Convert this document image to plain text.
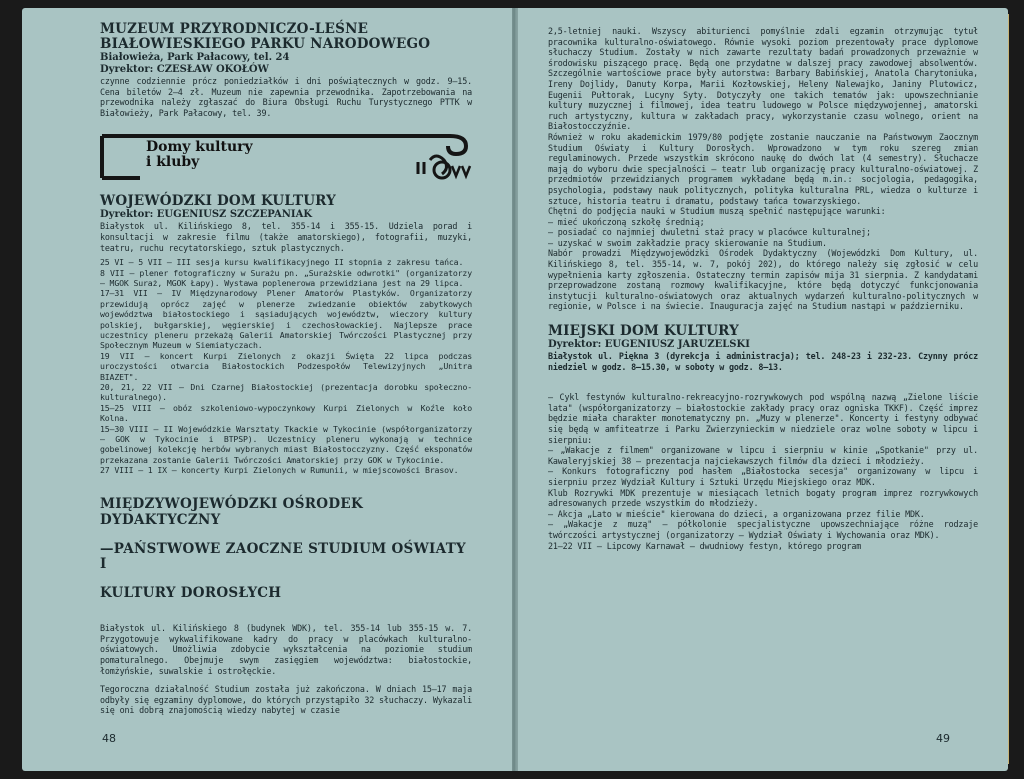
MUZEUM PRZYRODNICZO-LEŚNE

BIAŁOWIESKIEGO PARKU NARODOWEGO

Białowieża, Park Pałacowy, tel. 24

Dyrektor: CZESŁAW OKOŁÓW

czynne codziennie prócz poniedziałków i dni poświątecznych w godz. 9—15. Cena biletów 2—4 zł. Muzeum nie zapewnia przewodnika. Zapotrzebowania na przewodnika należy zgłaszać do Biura Obsługi Ruchu Turystycznego PTTK w Białowieży, Park Pałacowy, tel. 39.

Domy kultury
i kluby

WOJEWÓDZKI DOM KULTURY

Dyrektor: EUGENIUSZ SZCZEPANIAK

Białystok ul. Kilińskiego 8, tel. 355-14 i 355-15. Udziela porad i konsultacji w zakresie filmu (także amatorskiego), fotografii, muzyki, teatru, ruchu recytatorskiego, sztuk plastycznych.

25 VI — 5 VII — III sesja kursu kwalifikacyjnego II stopnia z zakresu tańca.

8 VII — plener fotograficzny w Surażu pn. „Surażskie odwrotki" (organizatorzy — MGOK Suraż, MGOK Łapy). Wystawa poplenerowa przewidziana jest na 29 lipca.

17—31 VII — IV Międzynarodowy Plener Amatorów Plastyków. Organizatorzy przewidują oprócz zajęć w plenerze zwiedzanie obiektów zabytkowych województwa białostockiego i sąsiadujących województw, wieczory kultury polskiej, bułgarskiej, węgierskiej i czechosłowackiej. Najlepsze prace uczestnicy pleneru przekażą Galerii Amatorskiej Twórczości Plastycznej przy Społecznym Muzeum w Siemiatyczach.

19 VII — koncert Kurpi Zielonych z okazji Święta 22 lipca podczas uroczystości otwarcia Białostockich Podzespołów Telewizyjnych „Unitra BIAZET".

20, 21, 22 VII — Dni Czarnej Białostockiej (prezentacja dorobku społeczno-kulturalnego).

15—25 VIII — obóz szkoleniowo-wypoczynkowy Kurpi Zielonych w Koźle koło Kolna.

15—30 VIII — II Wojewódzkie Warsztaty Tkackie w Tykocinie (współorganizatorzy — GOK w Tykocinie i BTPSP). Uczestnicy pleneru wykonają w technice gobelinowej kolekcję herbów wybranych miast Białostocczyzny. Część eksponatów przekazana zostanie Galerii Twórczości Amatorskiej przy GOK w Tykocinie.

27 VIII — 1 IX — koncerty Kurpi Zielonych w Rumunii, w miejscowości Brasov.

MIĘDZYWOJEWÓDZKI OŚRODEK DYDAKTYCZNY

—PAŃSTWOWE ZAOCZNE STUDIUM OŚWIATY I

KULTURY DOROSŁYCH

Białystok ul. Kilińskiego 8 (budynek WDK), tel. 355-14 lub 355-15 w. 7. Przygotowuje wykwalifikowane kadry do pracy w placówkach kulturalno-oświatowych. Umożliwia zdobycie wykształcenia na poziomie studium pomaturalnego. Obejmuje swym zasięgiem województwa: białostockie, łomżyńskie, suwalskie i ostrołęckie.

Tegoroczna działalność Studium została już zakończona. W dniach 15—17 maja odbyły się egzaminy dyplomowe, do których przystąpiło 32 słuchaczy. Wykazali się oni dobrą znajomością wiedzy nabytej w czasie

48

2,5-letniej nauki. Wszyscy abiturienci pomyślnie zdali egzamin otrzymując tytuł pracownika kulturalno-oświatowego. Równie wysoki poziom prezentowały prace dyplomowe słuchaczy Studium. Zostały w nich zawarte rezultaty badań prowadzonych przeważnie w środowisku piszącego pracę. Będą one przydatne w dalszej pracy zawodowej absolwentów. Szczególnie wartościowe prace były autorstwa: Barbary Babińskiej, Anatola Charytoniuka, Ireny Dojlidy, Danuty Korpa, Marii Kozłowskiej, Heleny Nalewajko, Janiny Plutowicz, Eugenii Pułtorak, Lucyny Syty. Dotyczyły one takich tematów jak: upowszechnianie kultury muzycznej i filmowej, idea teatru ludowego w Polsce międzywojennej, amatorski ruch artystyczny, kultura w zakładach pracy, wykorzystanie czasu wolnego, orient na Białostocczyźnie.

Również w roku akademickim 1979/80 podjęte zostanie nauczanie na Państwowym Zaocznym Studium Oświaty i Kultury Dorosłych. Wprowadzono w tym roku szereg zmian regulaminowych. Przede wszystkim skrócono naukę do dwóch lat (4 semestry). Słuchacze mają do wyboru dwie specjalności — teatr lub organizację pracy kulturalno-oświatowej. Z przedmiotów przewidzianych programem wykładane będą m.in.: socjologia, pedagogika, psychologia, podstawy nauk politycznych, polityka kulturalna PRL, wiedza o kulturze i sztuce, historia teatru i dramatu, podstawy tańca towarzyskiego.

Chętni do podjęcia nauki w Studium muszą spełnić następujące warunki:

— mieć ukończoną szkołę średnią;

— posiadać co najmniej dwuletni staż pracy w placówce kulturalnej;

— uzyskać w swoim zakładzie pracy skierowanie na Studium.

Nabór prowadzi Międzywojewódzki Ośrodek Dydaktyczny (Wojewódzki Dom Kultury, ul. Kilińskiego 8, tel. 355-14, w. 7, pokój 202), do którego należy się zgłosić w celu wypełnienia karty zgłoszenia. Ostateczny termin zapisów mija 31 sierpnia. Z kandydatami przeprowadzone zostaną rozmowy kwalifikacyjne, które będą dotyczyć funkcjonowania instytucji kulturalno-oświatowych oraz aktualnych wydarzeń kulturalno-politycznych w regionie, w Polsce i na świecie. Inauguracja zajęć na Studium nastąpi w październiku.

MIEJSKI DOM KULTURY

Dyrektor: EUGENIUSZ JARUZELSKI

Białystok ul. Piękna 3 (dyrekcja i administracja); tel. 248-23 i 232-23. Czynny prócz niedziel w godz. 8—15.30, w soboty w godz. 8—13.

— Cykl festynów kulturalno-rekreacyjno-rozrywkowych pod wspólną nazwą „Zielone liście lata" (współorganizatorzy — białostockie zakłady pracy oraz ogniska TKKF). Część imprez będzie miała charakter monotematyczny pn. „Muzy w plenerze". Koncerty i festyny odbywać się będą w amfiteatrze i Parku Zwierzynieckim w niedziele oraz wolne soboty w lipcu i sierpniu:

— „Wakacje z filmem" organizowane w lipcu i sierpniu w kinie „Spotkanie" przy ul. Kawaleryjskiej 38 — prezentacja najciekawszych filmów dla dzieci i młodzieży.

— Konkurs fotograficzny pod hasłem „Białostocka secesja" organizowany w lipcu i sierpniu przez Wydział Kultury i Sztuki Urzędu Miejskiego oraz MDK.

Klub Rozrywki MDK prezentuje w miesiącach letnich bogaty program imprez rozrywkowych adresowanych przede wszystkim do młodzieży.

— Akcja „Lato w mieście" kierowana do dzieci, a organizowana przez filie MDK.

— „Wakacje z muzą" — półkolonie specjalistyczne upowszechniające różne rodzaje twórczości artystycznej (organizatorzy — Wydział Oświaty i Wychowania oraz MDK).

21—22 VII — Lipcowy Karnawał — dwudniowy festyn, którego program

49
